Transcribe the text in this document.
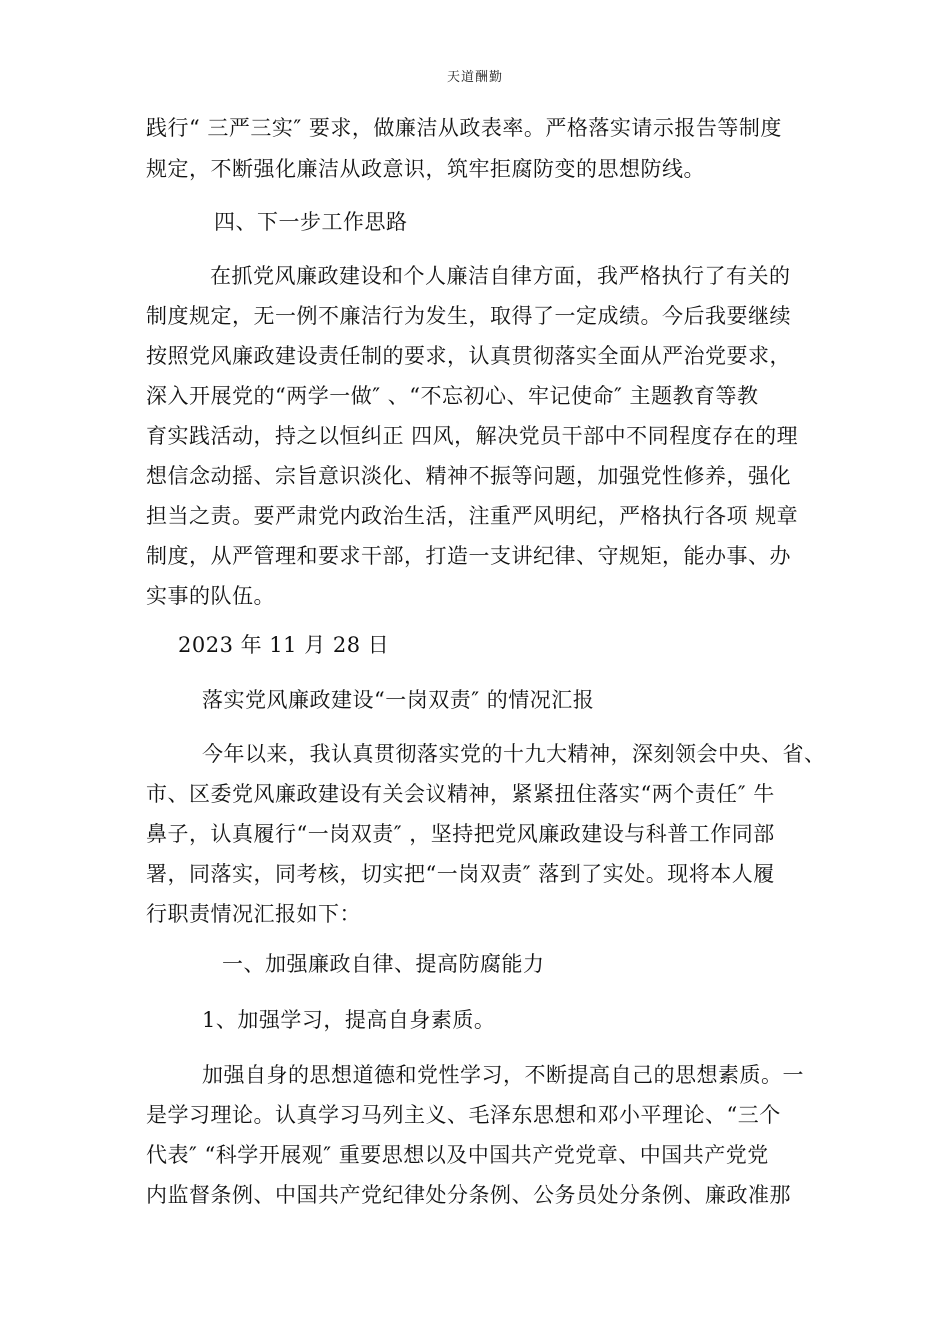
天道酬勤
践行“ 三严三实″ 要求，做廉洁从政表率。严格落实请示报告等制度
规定，不断强化廉洁从政意识，筑牢拒腐防变的思想防线。
四、下一步工作思路
在抓党风廉政建设和个人廉洁自律方面，我严格执行了有关的
制度规定，无一例不廉洁行为发生，取得了一定成绩。今后我要继续
按照党风廉政建设责任制的要求，认真贯彻落实全面从严治党要求，
深入开展党的“两学一做″ 、“不忘初心、牢记使命″ 主题教育等教
育实践活动，持之以恒纠正 四风，解决党员干部中不同程度存在的理
想信念动摇、宗旨意识淡化、精神不振等问题，加强党性修养，强化
担当之责。要严肃党内政治生活，注重严风明纪，严格执行各项 规章
制度，从严管理和要求干部，打造一支讲纪律、守规矩，能办事、办
实事的队伍。
2023 年 11 月 28 日
落实党风廉政建设“一岗双责″ 的情况汇报
今年以来，我认真贯彻落实党的十九大精神，深刻领会中央、省、
市、区委党风廉政建设有关会议精神，紧紧扭住落实“两个责任″ 牛
鼻子，认真履行“一岗双责″ ，坚持把党风廉政建设与科普工作同部
署，同落实，同考核，切实把“一岗双责″ 落到了实处。现将本人履
行职责情况汇报如下：
一、加强廉政自律、提高防腐能力
1、加强学习，提高自身素质。
加强自身的思想道德和党性学习，不断提高自己的思想素质。一
是学习理论。认真学习马列主义、毛泽东思想和邓小平理论、“三个
代表″ “科学开展观″ 重要思想以及中国共产党党章、中国共产党党
内监督条例、中国共产党纪律处分条例、公务员处分条例、廉政准那
